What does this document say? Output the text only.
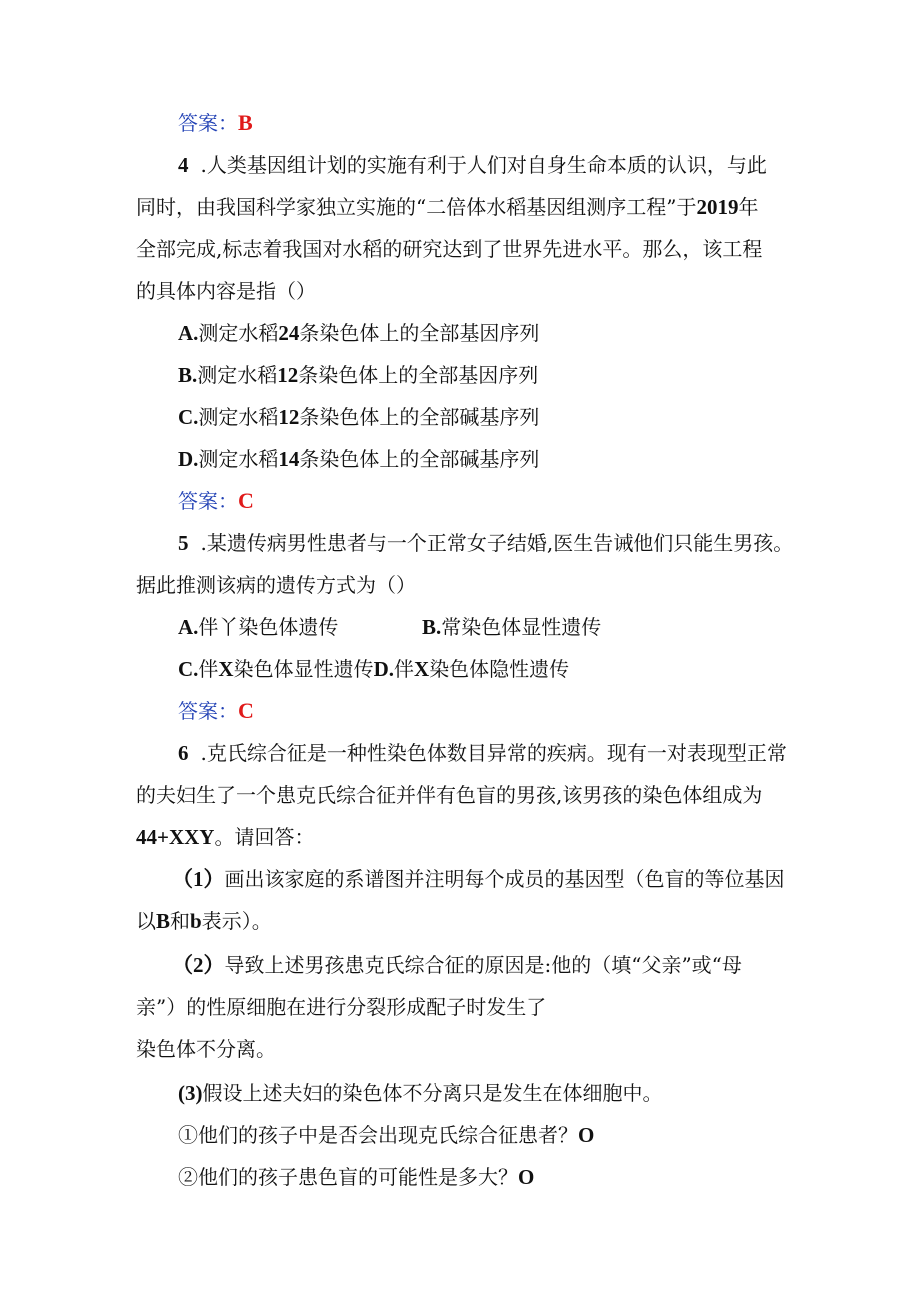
答案：B
4 .人类基因组计划的实施有利于人们对自身生命本质的认识，与此
同时，由我国科学家独立实施的“二倍体水稻基因组测序工程”于2019年
全部完成,标志着我国对水稻的研究达到了世界先进水平。那么，该工程
的具体内容是指（）
A.测定水稻24条染色体上的全部基因序列
B.测定水稻12条染色体上的全部基因序列
C.测定水稻12条染色体上的全部碱基序列
D.测定水稻14条染色体上的全部碱基序列
答案：C
5 .某遗传病男性患者与一个正常女子结婚,医生告诫他们只能生男孩。
据此推测该病的遗传方式为（）
A.伴丫染色体遗传	B.常染色体显性遗传
C.伴X染色体显性遗传D.伴X染色体隐性遗传
答案：C
6 .克氏综合征是一种性染色体数目异常的疾病。现有一对表现型正常
的夫妇生了一个患克氏综合征并伴有色盲的男孩,该男孩的染色体组成为
44+XXY。请回答：
（1）画出该家庭的系谱图并注明每个成员的基因型（色盲的等位基因
以B和b表示）。
（2）导致上述男孩患克氏综合征的原因是:他的（填“父亲”或“母
亲”）的性原细胞在进行分裂形成配子时发生了
染色体不分离。
(3)假设上述夫妇的染色体不分离只是发生在体细胞中。
①他们的孩子中是否会出现克氏综合征患者？O
②他们的孩子患色盲的可能性是多大？O
